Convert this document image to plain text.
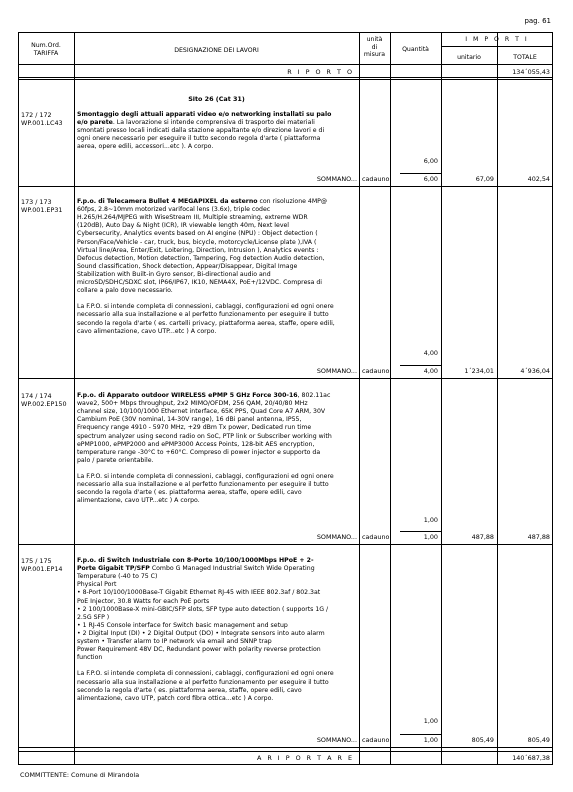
pag. 61
Num.Ord.
TARIFFA	DESIGNAZIONE DEI LAVORI
unità
di
misura
Quantità
I M P O R T I
unitario	TOTALE
R I P O R T O	134´055,43
Sito 26 (Cat 31)
172 / 172
WP.001.LC43
Smontaggio degli attuali apparati video e/o networking installati su palo
e/o parete. La lavorazione si intende comprensiva di trasporto dei materiali
smontati presso locali indicati dalla stazione appaltante e/o direzione lavori e di
ogni onere necessario per eseguire il tutto secondo regola d'arte ( piattaforma
aerea, opere edili, accessori...etc ). A corpo.
6,00
SOMMANO... cadauno	6,00	67,09	402,54
173 / 173
WP.001.EP31
F.p.o. di Telecamera Bullet 4 MEGAPIXEL da esterno con risoluzione 4MP@
60fps, 2.8~10mm motorized varifocal lens (3.6x), triple codec
H.265/H.264/MJPEG with WiseStream III, Multiple streaming, extreme WDR
(120dB), Auto Day & Night (ICR), IR viewable length 40m, Next level
Cybersecurity, Analytics events based on AI engine (NPU) : Object detection (
Person/Face/Vehicle - car, truck, bus, bicycle, motorcycle/License plate ),IVA (
Virtual line/Area, Enter/Exit, Loitering, Direction, Intrusion ), Analytics events :
Defocus detection, Motion detection, Tampering, Fog detection Audio detection,
Sound classification, Shock detection, Appear/Disappear, Digital Image
Stabilization with Built-in Gyro sensor, Bi-directional audio and
microSD/SDHC/SDXC slot, IP66/IP67, IK10, NEMA4X, PoE+/12VDC. Compresa di
collare a palo dove necessario.
La F.P.O. si intende completa di connessioni, cablaggi, configurazioni ed ogni onere
necessario alla sua installazione e al perfetto funzionamento per eseguire il tutto
secondo la regola d'arte ( es. cartelli privacy, piattaforma aerea, staffe, opere edili,
cavo alimentazione, cavo UTP...etc ) A corpo.
4,00
SOMMANO... cadauno	4,00	1´234,01	4´936,04
174 / 174
WP.002.EP150
F.p.o. di Apparato outdoor WIRELESS ePMP 5 GHz Force 300-16, 802.11ac
wave2, 500+ Mbps throughput, 2x2 MIMO/OFDM, 256 QAM, 20/40/80 MHz
channel size, 10/100/1000 Ethernet interface, 65K PPS, Quad Core A7 ARM, 30V
Cambium PoE (30V nominal, 14-30V range), 16 dBi panel antenna, IP55,
Frequency range 4910 - 5970 MHz, +29 dBm Tx power, Dedicated run time
spectrum analyzer using second radio on SoC, PTP link or Subscriber working with
ePMP1000, ePMP2000 and ePMP3000 Access Points, 128-bit AES encryption,
temperature range -30°C to +60°C. Compreso di power injector e supporto da
palo / parete orientabile.
La F.P.O. si intende completa di connessioni, cablaggi, configurazioni ed ogni onere
necessario alla sua installazione e al perfetto funzionamento per eseguire il tutto
secondo la regola d'arte ( es. piattaforma aerea, staffe, opere edili, cavo
alimentazione, cavo UTP...etc ) A corpo.
1,00
SOMMANO... cadauno	1,00	487,88	487,88
175 / 175
WP.001.EP14
F.p.o. di Switch Industriale con 8-Porte 10/100/1000Mbps HPoE + 2-
Porte Gigabit TP/SFP Combo G Managed Industrial Switch Wide Operating
Temperature (-40 to 75 C)
Physical Port
• 8-Port 10/100/1000Base-T Gigabit Ethernet RJ-45 with IEEE 802.3af / 802.3at
PoE Injector, 30.8 Watts for each PoE ports
• 2 100/1000Base-X mini-GBIC/SFP slots, SFP type auto detection ( supports 1G /
2.5G SFP )
• 1 RJ-45 Console interface for Switch basic management and setup
• 2 Digital Input (DI) • 2 Digital Output (DO) • Integrate sensors into auto alarm
system • Transfer alarm to IP network via email and SNNP trap
Power Requirement 48V DC, Redundant power with polarity reverse protection
function
La F.P.O. si intende completa di connessioni, cablaggi, configurazioni ed ogni onere
necessario alla sua installazione e al perfetto funzionamento per eseguire il tutto
secondo la regola d'arte ( es. piattaforma aerea, staffe, opere edili, cavo
alimentazione, cavo UTP, patch cord fibra ottica...etc ) A corpo.
1,00
SOMMANO... cadauno	1,00	805,49	805,49
A R I P O R T A R E	140´687,38
COMMITTENTE: Comune di Mirandola
